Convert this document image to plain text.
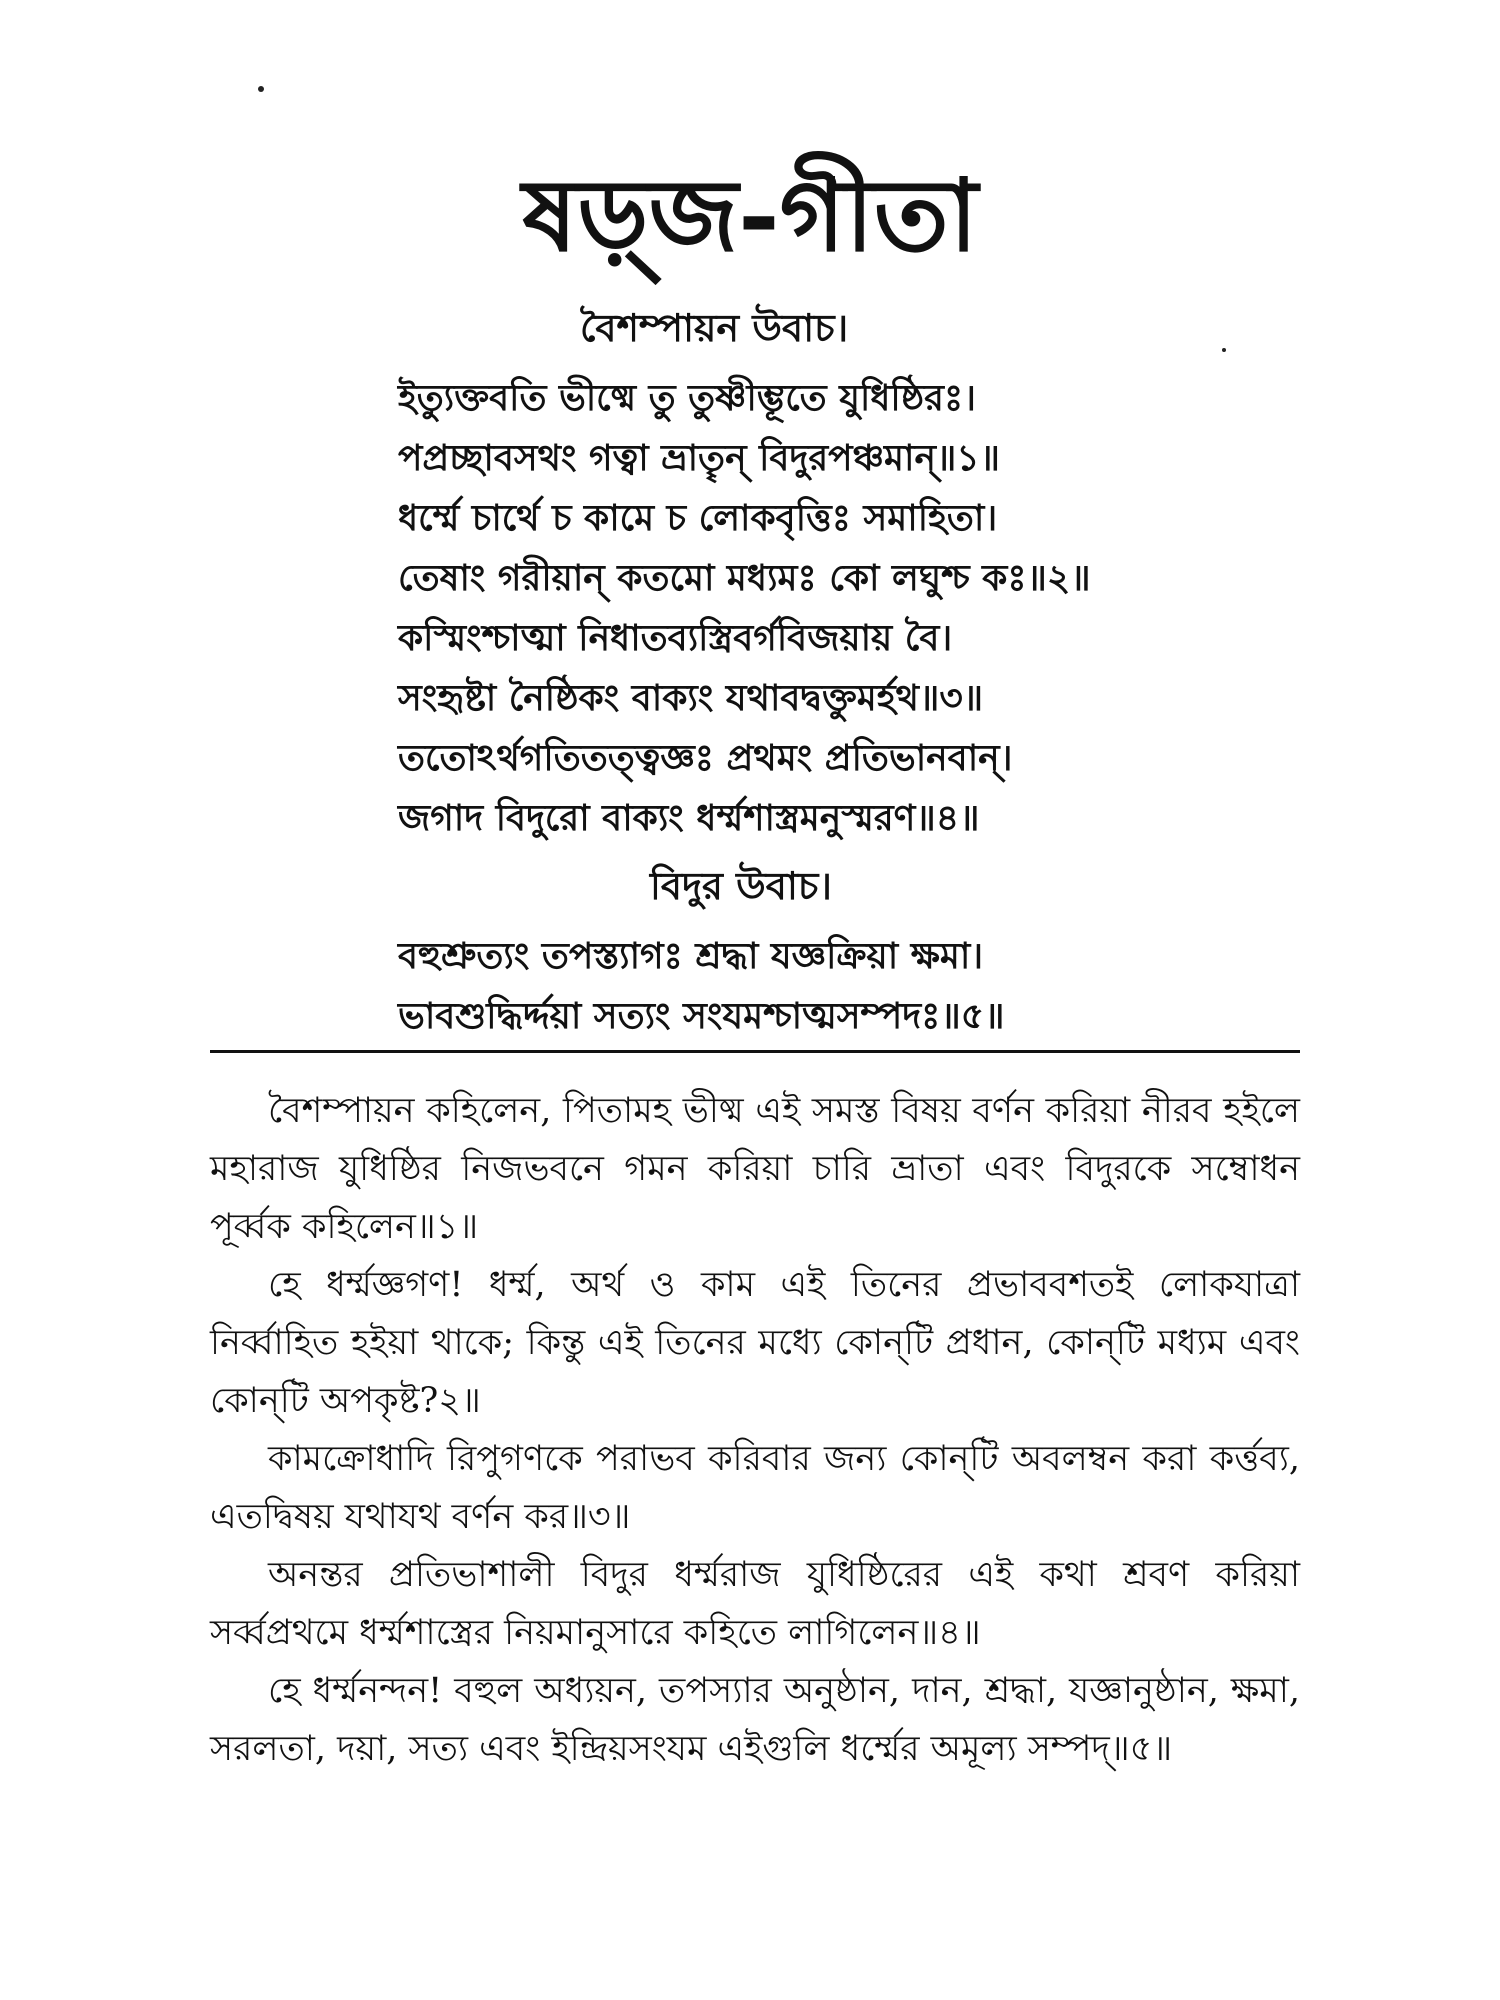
ষড়্‌জ-গীতা
বৈশম্পায়ন উবাচ।
ইত্যুক্তবতি ভীষ্মে তু তুষ্ণীম্ভূতে যুধিষ্ঠিরঃ।
পপ্রচ্ছাবসথং গত্বা ভ্রাতৄন্‌ বিদুরপঞ্চমান্‌॥১॥
ধর্ম্মে চার্থে চ কামে চ লোকবৃত্তিঃ সমাহিতা।
তেষাং গরীয়ান্‌ কতমো মধ্যমঃ কো লঘুশ্চ কঃ॥২॥
কস্মিংশ্চাত্মা নিধাতব্যস্ত্রিবর্গবিজয়ায় বৈ।
সংহৃষ্টা নৈষ্ঠিকং বাক্যং যথাবদ্বক্তুমর্হথ॥৩॥
ততোঽর্থগতিতত্ত্বজ্ঞঃ প্রথমং প্রতিভানবান্‌।
জগাদ বিদুরো বাক্যং ধর্ম্মশাস্ত্রমনুস্মরণ॥৪॥
বিদুর উবাচ।
বহুশ্রুত্যং তপস্ত্যাগঃ শ্রদ্ধা যজ্ঞক্রিয়া ক্ষমা।
ভাবশুদ্ধির্দ্দয়া সত্যং সংযমশ্চাত্মসম্পদঃ॥৫॥

বৈশম্পায়ন কহিলেন, পিতামহ ভীষ্ম এই সমস্ত বিষয় বর্ণন করিয়া নীরব হইলে মহারাজ যুধিষ্ঠির নিজভবনে গমন করিয়া চারি ভ্রাতা এবং বিদুরকে সম্বোধন পূর্ব্বক কহিলেন॥১॥

হে ধর্ম্মজ্ঞগণ! ধর্ম্ম, অর্থ ও কাম এই তিনের প্রভাববশতই লোকযাত্রা নির্ব্বাহিত হইয়া থাকে; কিন্তু এই তিনের মধ্যে কোন্‌টি প্রধান, কোন্‌টি মধ্যম এবং কোন্‌টি অপকৃষ্ট?২॥

কামক্রোধাদি রিপুগণকে পরাভব করিবার জন্য কোন্‌টি অবলম্বন করা কর্ত্তব্য, এতদ্বিষয় যথাযথ বর্ণন কর॥৩॥

অনন্তর প্রতিভাশালী বিদুর ধর্ম্মরাজ যুধিষ্ঠিরের এই কথা শ্রবণ করিয়া সর্ব্বপ্রথমে ধর্ম্মশাস্ত্রের নিয়মানুসারে কহিতে লাগিলেন॥৪॥

হে ধর্ম্মনন্দন! বহুল অধ্যয়ন, তপস্যার অনুষ্ঠান, দান, শ্রদ্ধা, যজ্ঞানুষ্ঠান, ক্ষমা, সরলতা, দয়া, সত্য এবং ইন্দ্রিয়সংযম এইগুলি ধর্ম্মের অমূল্য সম্পদ্‌॥৫॥
